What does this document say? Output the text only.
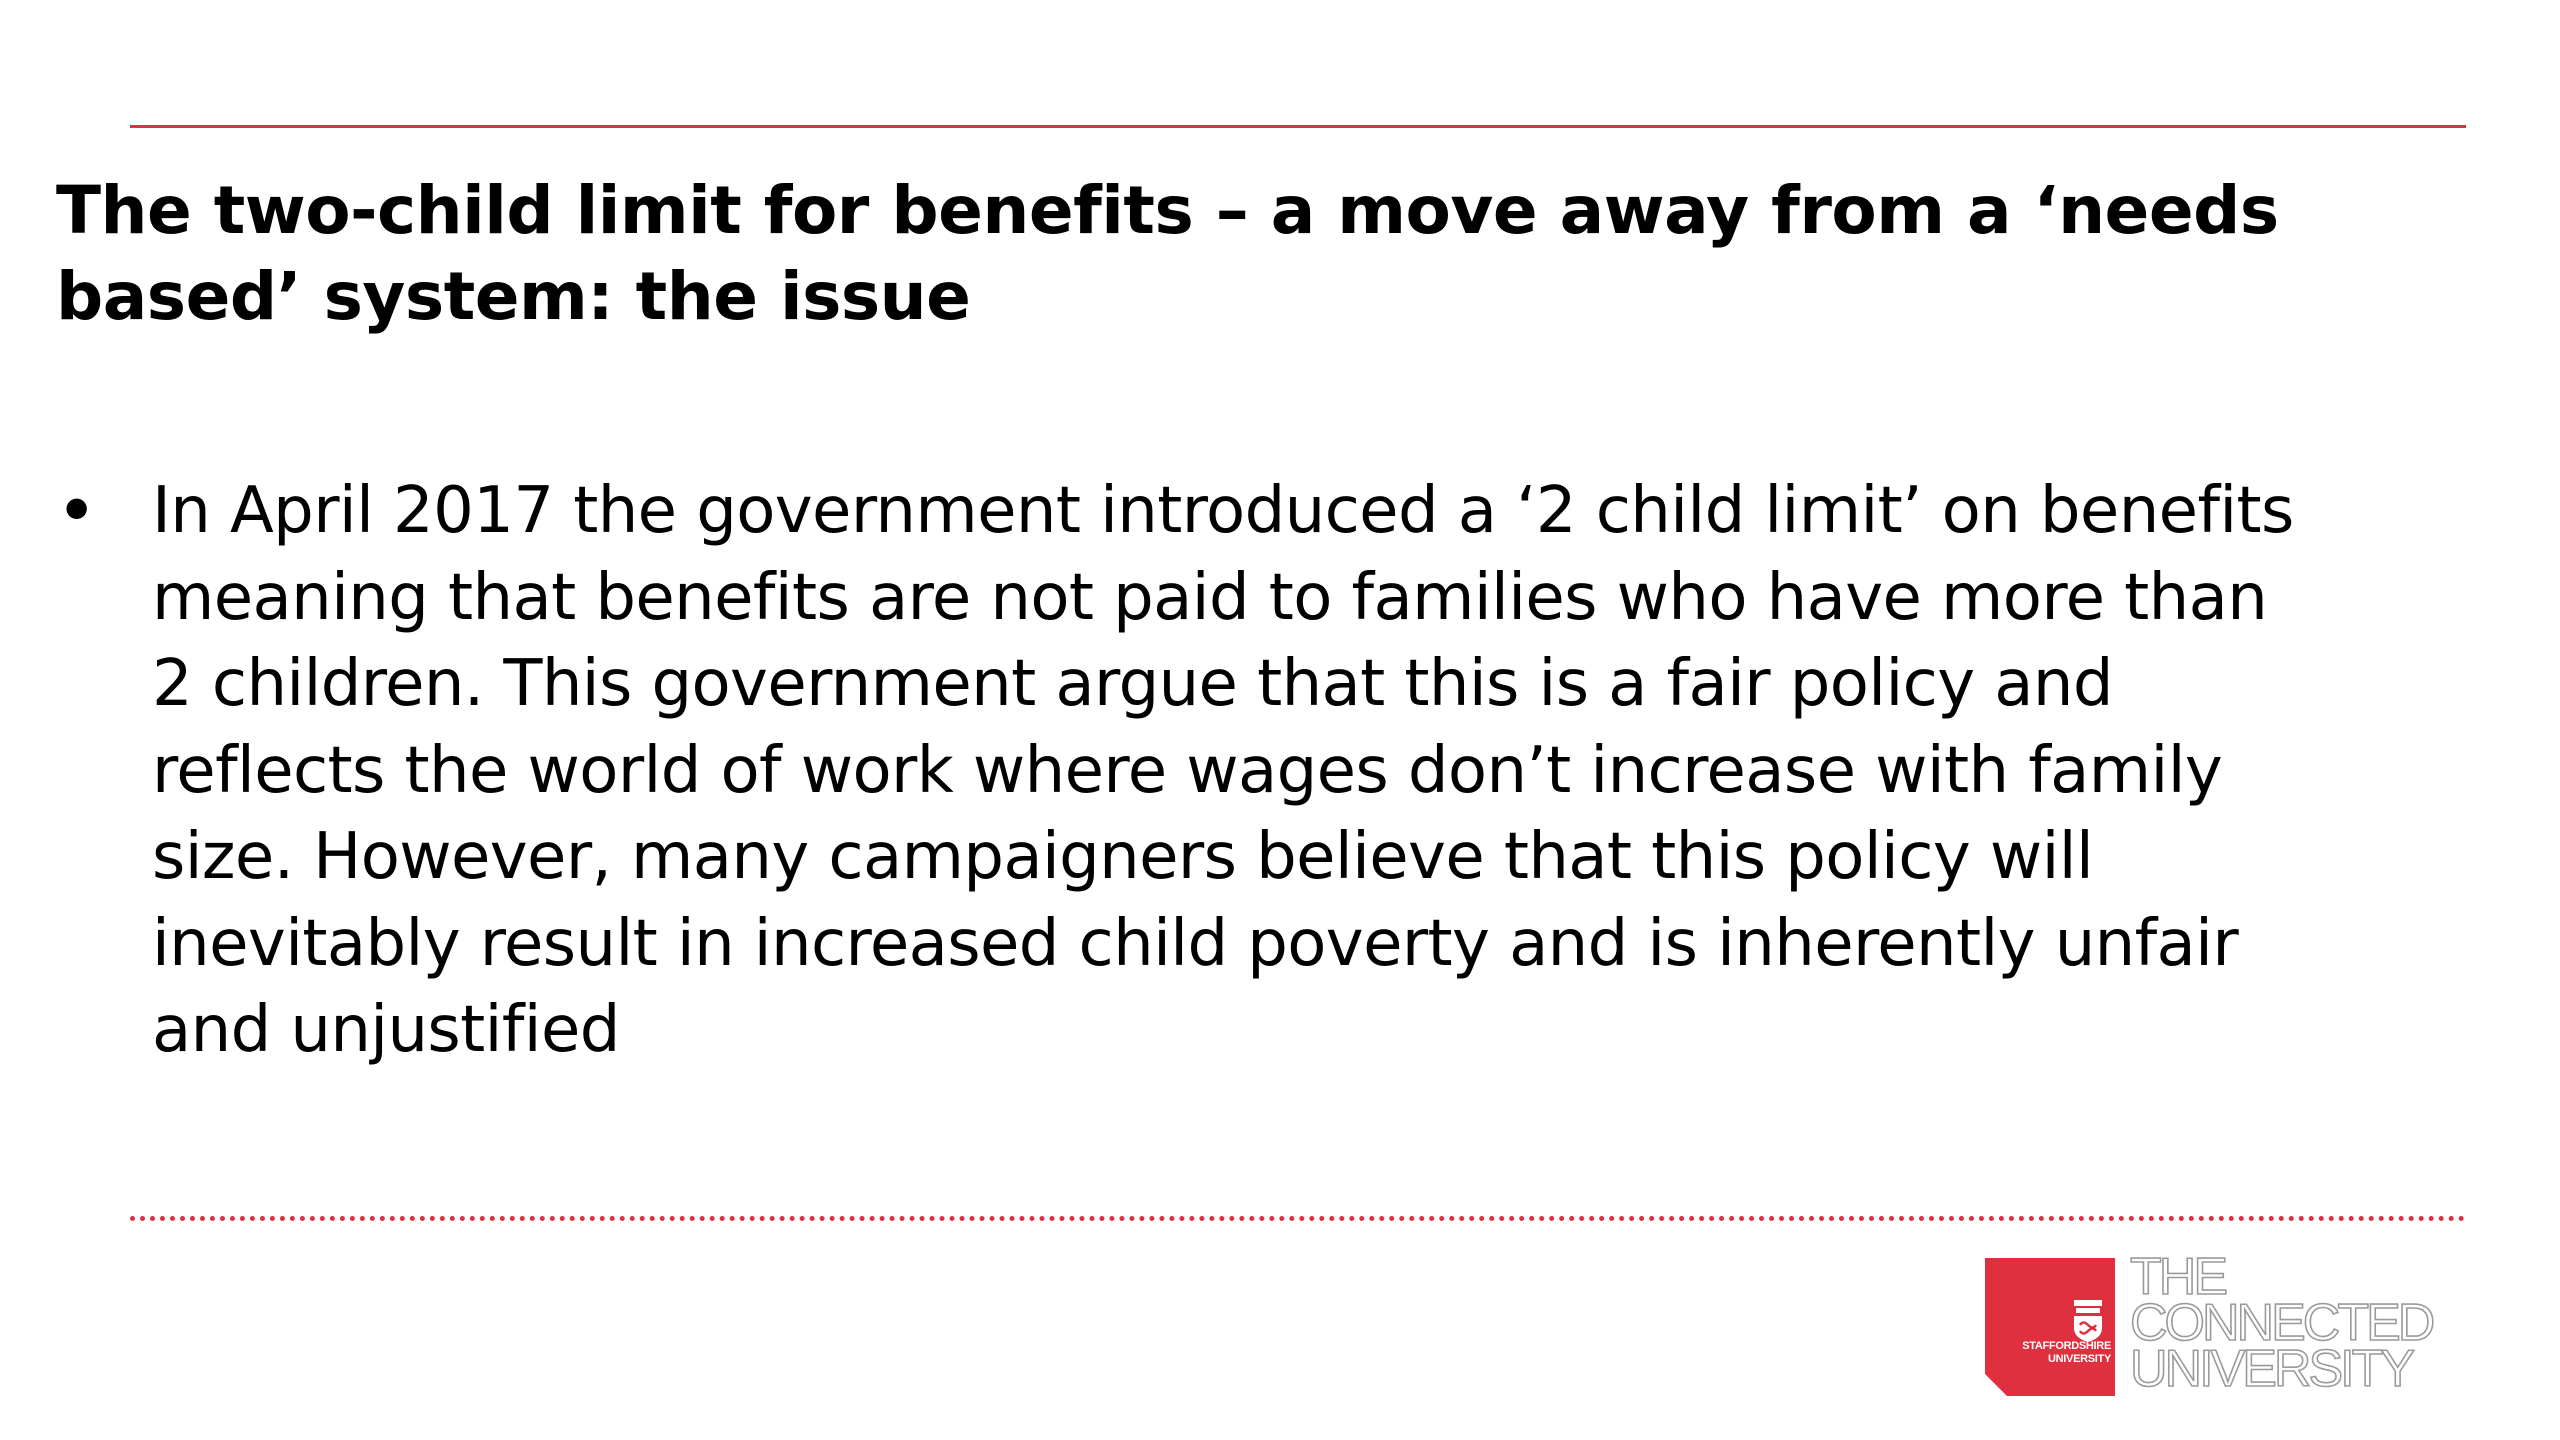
The two-child limit for benefits – a move away from a ‘needs based’ system: the issue
• In April 2017 the government introduced a ‘2 child limit’ on benefits meaning that benefits are not paid to families who have more than 2 children. This government argue that this is a fair policy and reflects the world of work where wages don’t increase with family size. However, many campaigners believe that this policy will inevitably result in increased child poverty and is inherently unfair and unjustified
STAFFORDSHIRE
UNIVERSITY
THE
CONNECTED
UNIVERSITY
